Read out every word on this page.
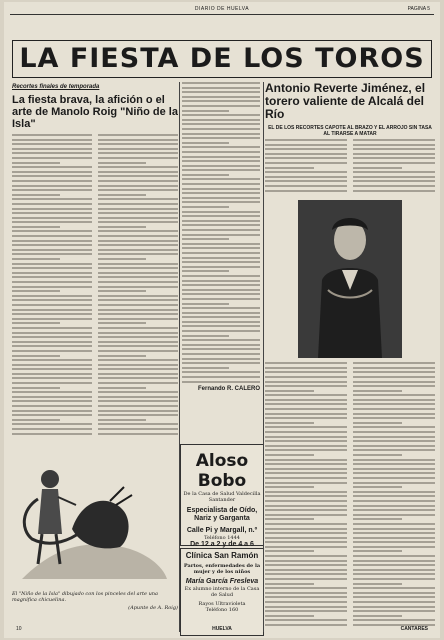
DIARIO DE HUELVA	PAGINA 5
LA FIESTA DE LOS TOROS
Recortes finales de temporada
La fiesta brava, la afición o el arte de Manolo Roig "Niño de la Isla"
El "Niño de la Isla" dibujado con los pinceles del arte una magnífica chicuelina.
(Apunte de A. Roig)
Fernando R. CALERO
Aloso Bobo
De la Casa de Salud Valdecilla Santander
Especialista de Oído, Nariz y Garganta
Calle Pi y Margall, n.º
Teléfono 1444
De 12 a 2 y de 4 a 6
Clínica San Ramón
Partos, enfermedades de la mujer y de los niños
María García Fresleva
Ex alumno interno de la Casa de Salud
Rayos Ultravioleta
Teléfono 160
Antonio Reverte Jiménez, el torero valiente de Alcalá del Río
EL DE LOS RECORTES CAPOTE AL BRAZO Y EL ARROJO SIN TASA AL TIRARSE A MATAR
10	HUELVA	CANTARES
